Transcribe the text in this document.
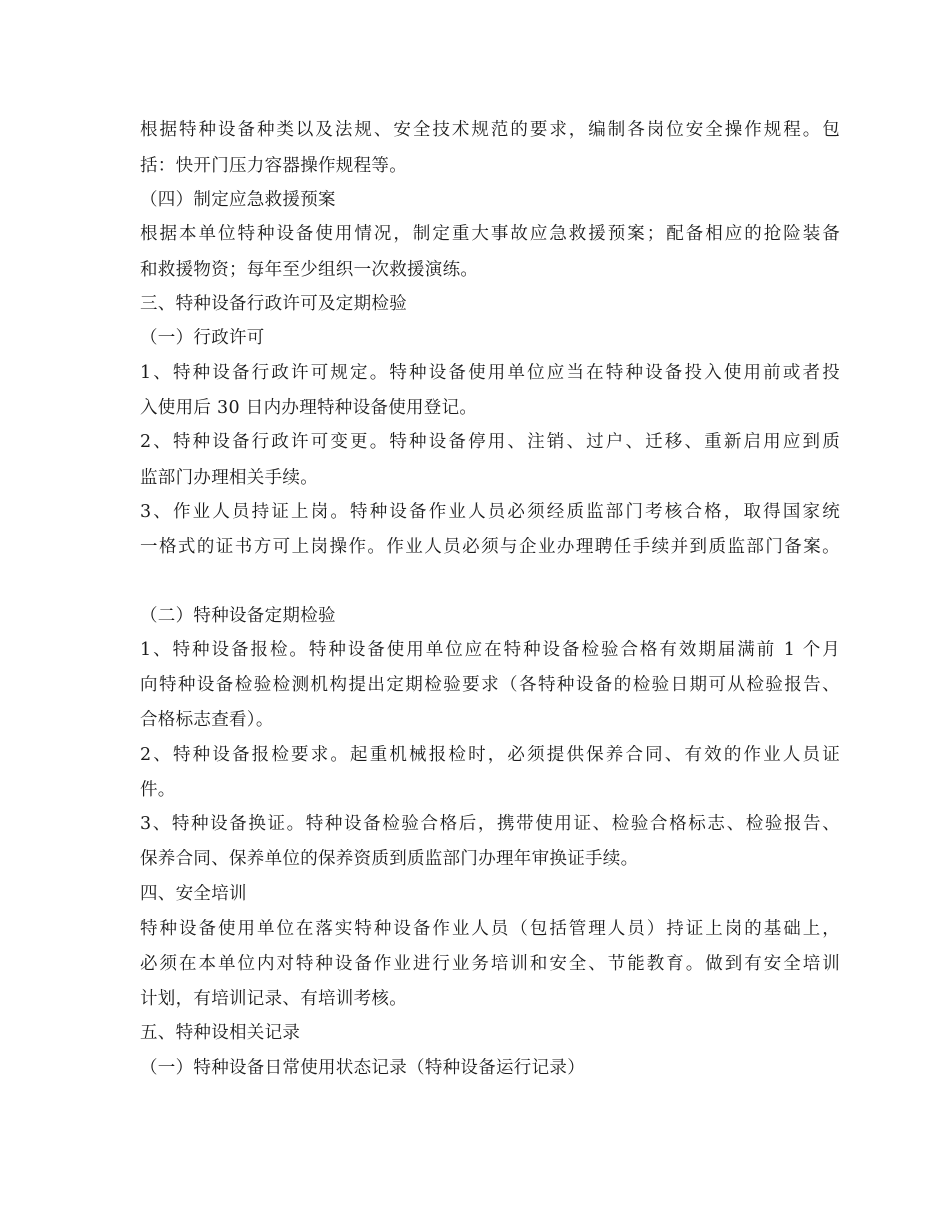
根据特种设备种类以及法规、安全技术规范的要求，编制各岗位安全操作规程。包
括：快开门压力容器操作规程等。
（四）制定应急救援预案
根据本单位特种设备使用情况，制定重大事故应急救援预案；配备相应的抢险装备
和救援物资；每年至少组织一次救援演练。
三、特种设备行政许可及定期检验
（一）行政许可
1、特种设备行政许可规定。特种设备使用单位应当在特种设备投入使用前或者投
入使用后 30 日内办理特种设备使用登记。
2、特种设备行政许可变更。特种设备停用、注销、过户、迁移、重新启用应到质
监部门办理相关手续。
3、作业人员持证上岗。特种设备作业人员必须经质监部门考核合格，取得国家统
一格式的证书方可上岗操作。作业人员必须与企业办理聘任手续并到质监部门备案。
（二）特种设备定期检验
1、特种设备报检。特种设备使用单位应在特种设备检验合格有效期届满前 1 个月
向特种设备检验检测机构提出定期检验要求（各特种设备的检验日期可从检验报告、
合格标志查看）。
2、特种设备报检要求。起重机械报检时，必须提供保养合同、有效的作业人员证
件。
3、特种设备换证。特种设备检验合格后，携带使用证、检验合格标志、检验报告、
保养合同、保养单位的保养资质到质监部门办理年审换证手续。
四、安全培训
特种设备使用单位在落实特种设备作业人员（包括管理人员）持证上岗的基础上，
必须在本单位内对特种设备作业进行业务培训和安全、节能教育。做到有安全培训
计划，有培训记录、有培训考核。
五、特种设相关记录
（一）特种设备日常使用状态记录（特种设备运行记录）
